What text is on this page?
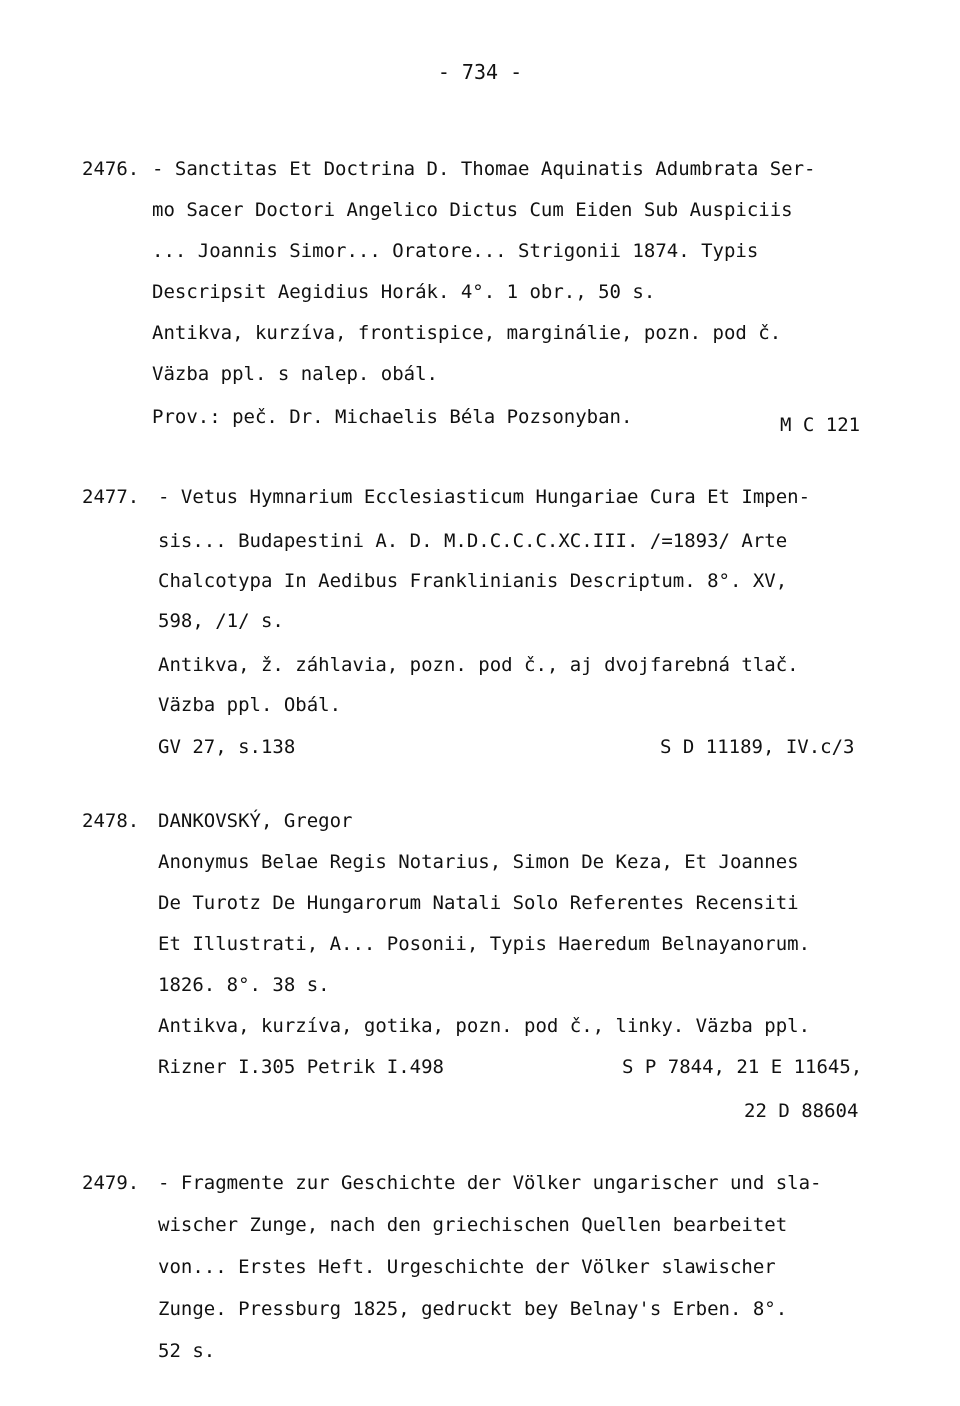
- 734 -
2476. - Sanctitas Et Doctrina D. Thomae Aquinatis Adumbrata Ser-
mo Sacer Doctori Angelico Dictus Cum Eiden Sub Auspiciis
... Joannis Simor... Oratore... Strigonii 1874. Typis
Descripsit Aegidius Horák. 4°. 1 obr., 50 s.
Antikva, kurzíva, frontispice, marginálie, pozn. pod č.
Väzba ppl. s nalep. obál.
Prov.: peč. Dr. Michaelis Béla Pozsonyban.	M C 121
2477. - Vetus Hymnarium Ecclesiasticum Hungariae Cura Et Impen-
sis... Budapestini A. D. M.D.C.C.C.XC.III. /=1893/ Arte
Chalcotypa In Aedibus Franklinianis Descriptum. 8°. XV,
598, /1/ s.
Antikva, ž. záhlavia, pozn. pod č., aj dvojfarebná tlač.
Väzba ppl. Obál.
GV 27, s.138	S D 11189, IV.c/3
2478. DANKOVSKÝ, Gregor
Anonymus Belae Regis Notarius, Simon De Keza, Et Joannes
De Turotz De Hungarorum Natali Solo Referentes Recensiti
Et Illustrati, A... Posonii, Typis Haeredum Belnayanorum.
1826. 8°. 38 s.
Antikva, kurzíva, gotika, pozn. pod č., linky. Väzba ppl.
Rizner I.305 Petrik I.498	S P 7844, 21 E 11645,
22 D 88604
2479. - Fragmente zur Geschichte der Völker ungarischer und sla-
wischer Zunge, nach den griechischen Quellen bearbeitet
von... Erstes Heft. Urgeschichte der Völker slawischer
Zunge. Pressburg 1825, gedruckt bey Belnay's Erben. 8°.
52 s.
